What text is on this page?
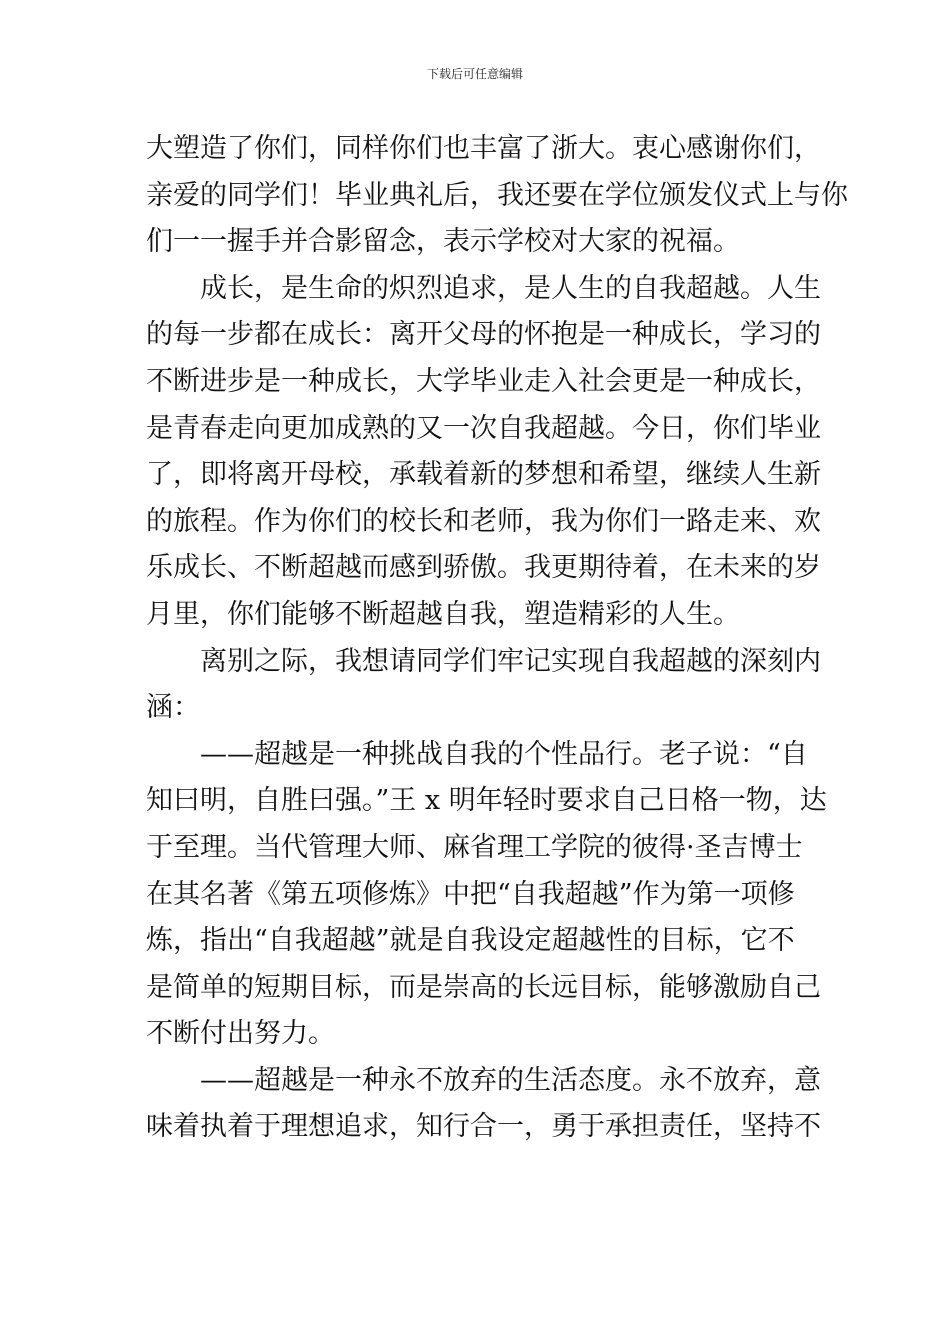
下载后可任意编辑
大塑造了你们，同样你们也丰富了浙大。衷心感谢你们，
亲爱的同学们！毕业典礼后，我还要在学位颁发仪式上与你
们一一握手并合影留念，表示学校对大家的祝福。
成长，是生命的炽烈追求，是人生的自我超越。人生
的每一步都在成长：离开父母的怀抱是一种成长，学习的
不断进步是一种成长，大学毕业走入社会更是一种成长，
是青春走向更加成熟的又一次自我超越。今日，你们毕业
了，即将离开母校，承载着新的梦想和希望，继续人生新
的旅程。作为你们的校长和老师，我为你们一路走来、欢
乐成长、不断超越而感到骄傲。我更期待着，在未来的岁
月里，你们能够不断超越自我，塑造精彩的人生。
离别之际，我想请同学们牢记实现自我超越的深刻内
涵：
——超越是一种挑战自我的个性品行。老子说：“自
知曰明，自胜曰强。”王 x 明年轻时要求自己日格一物，达
于至理。当代管理大师、麻省理工学院的彼得·圣吉博士
在其名著《第五项修炼》中把“自我超越”作为第一项修
炼，指出“自我超越”就是自我设定超越性的目标，它不
是简单的短期目标，而是崇高的长远目标，能够激励自己
不断付出努力。
——超越是一种永不放弃的生活态度。永不放弃，意
味着执着于理想追求，知行合一，勇于承担责任，坚持不
